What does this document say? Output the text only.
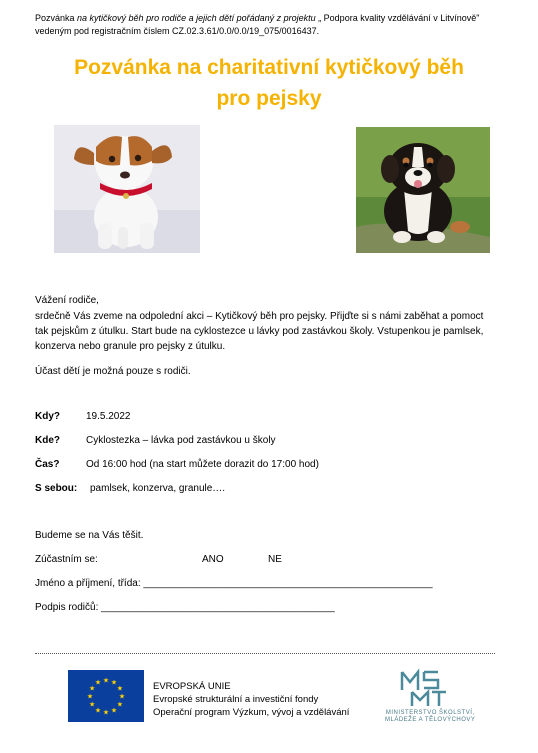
Pozvánka na kytičkový běh pro rodiče a jejich dětí pořádaný z projektu „ Podpora kvality vzdělávání v Litvínově"
vedeným pod registračním číslem CZ.02.3.61/0.0/0.0/19_075/0016437.
Pozvánka na charitativní kytičkový běh
pro pejsky
Vážení rodiče,
srdečně Vás zveme na odpolední akci – Kytičkový běh pro pejsky. Přijďte si s námi zaběhat a pomoct
tak pejskům z útulku. Start bude na cyklostezce u lávky pod zastávkou školy. Vstupenkou je pamlsek,
konzerva nebo granule pro pejsky z útulku.
Účast dětí je možná pouze s rodiči.
Kdy?	19.5.2022
Kde?	Cyklostezka – lávka pod zastávkou u školy
Čas?	Od 16:00 hod (na start můžete dorazit do 17:00 hod)
S sebou: pamlsek, konzerva, granule….
Budeme se na Vás těšit.
Zúčastním se:	ANO	NE
Jméno a příjmení, třída: ____________________________________________________
Podpis rodičů: __________________________________________
★ ★
★
★
★
★
★
★
★
★
★
★	EVROPSKÁ UNIE
Evropské strukturální a investiční fondy
Operační program Výzkum, vývoj a vzdělávání	MINISTERSTVO ŠKOLSTVÍ,
MLÁDEŽE A TĚLOVÝCHOVY
